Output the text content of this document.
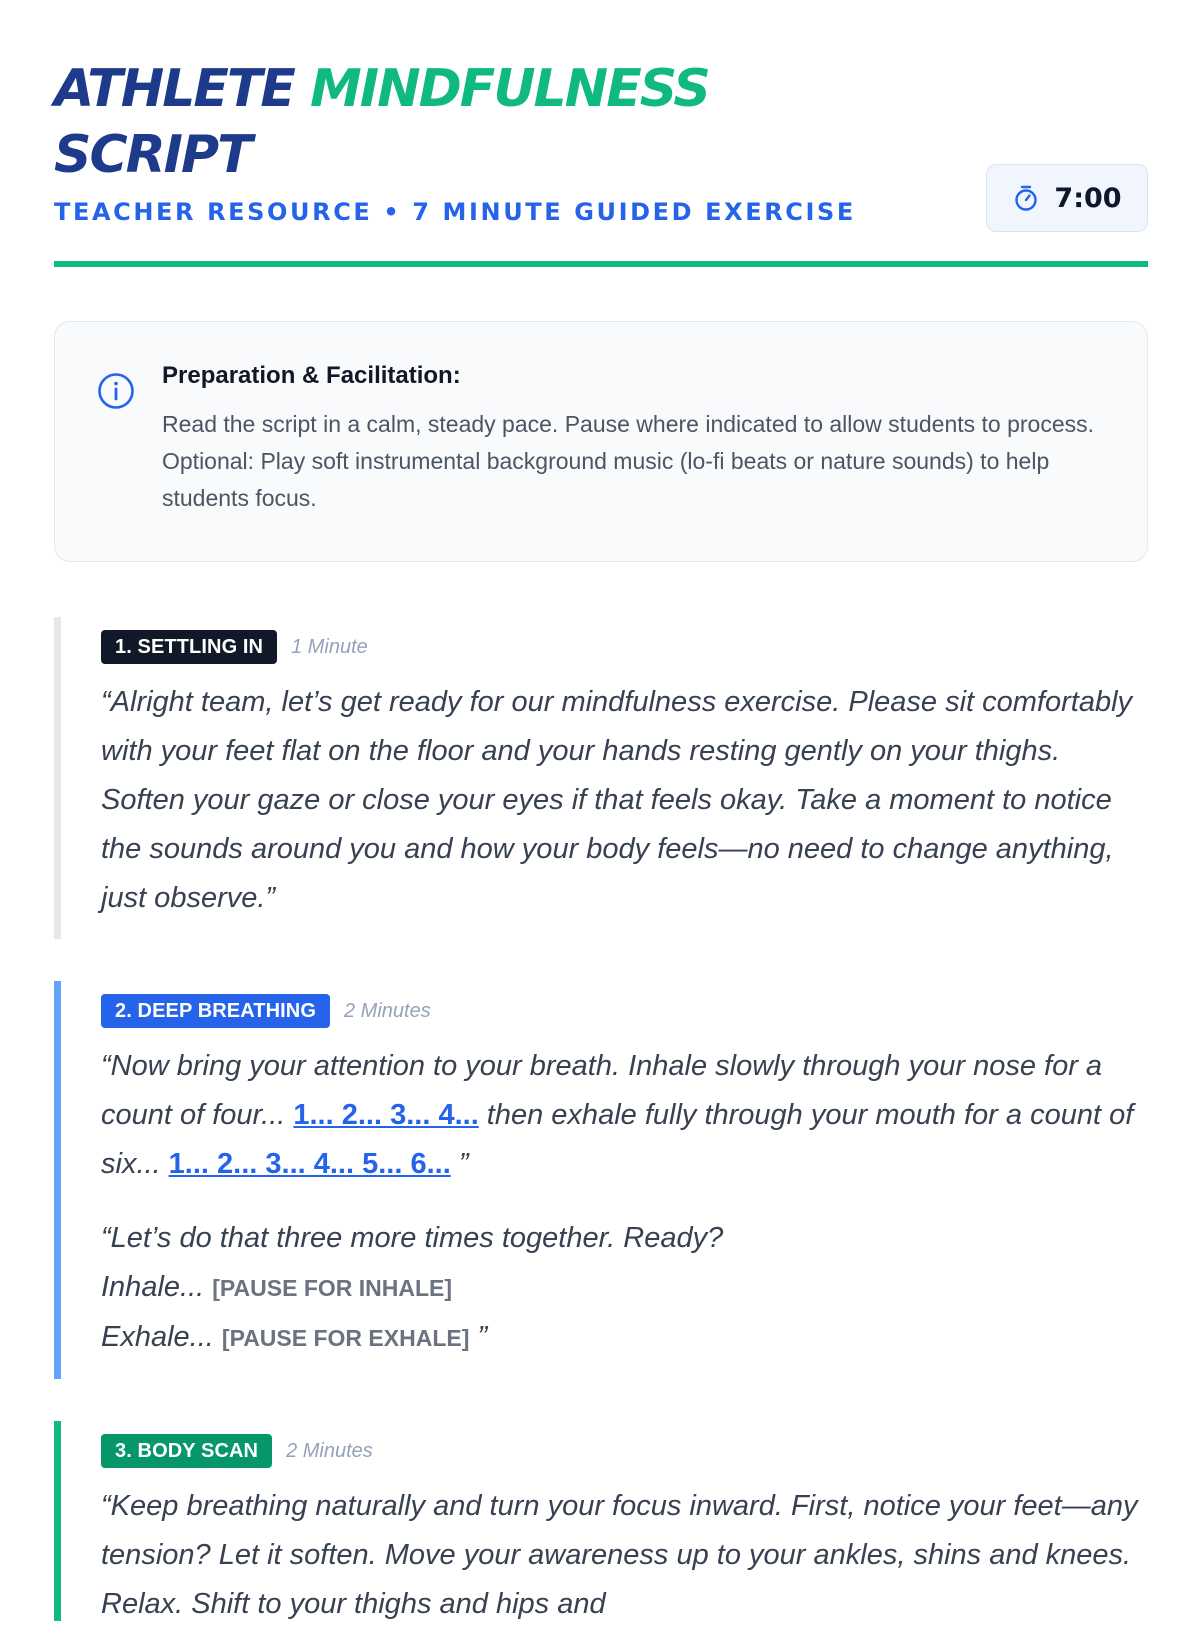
ATHLETE MINDFULNESS
SCRIPT
TEACHER RESOURCE • 7 MINUTE GUIDED EXERCISE	7:00
Preparation & Facilitation:
Read the script in a calm, steady pace. Pause where indicated to allow students to process. Optional: Play soft instrumental background music (lo-fi beats or nature sounds) to help students focus.
1. SETTLING IN	1 Minute

“Alright team, let’s get ready for our mindfulness exercise. Please sit comfortably with your feet flat on the floor and your hands resting gently on your thighs. Soften your gaze or close your eyes if that feels okay. Take a moment to notice the sounds around you and how your body feels—no need to change anything, just observe.”

2. DEEP BREATHING	2 Minutes

“Now bring your attention to your breath. Inhale slowly through your nose for a count of four... 1... 2... 3... 4... then exhale fully through your mouth for a count of six... 1... 2... 3... 4... 5... 6... ”

“Let’s do that three more times together. Ready?
Inhale... [PAUSE FOR INHALE]
Exhale... [PAUSE FOR EXHALE] ”

3. BODY SCAN	2 Minutes

“Keep breathing naturally and turn your focus inward. First, notice your feet—any tension? Let it soften. Move your awareness up to your ankles, shins and knees. Relax. Shift to your thighs and hips and
